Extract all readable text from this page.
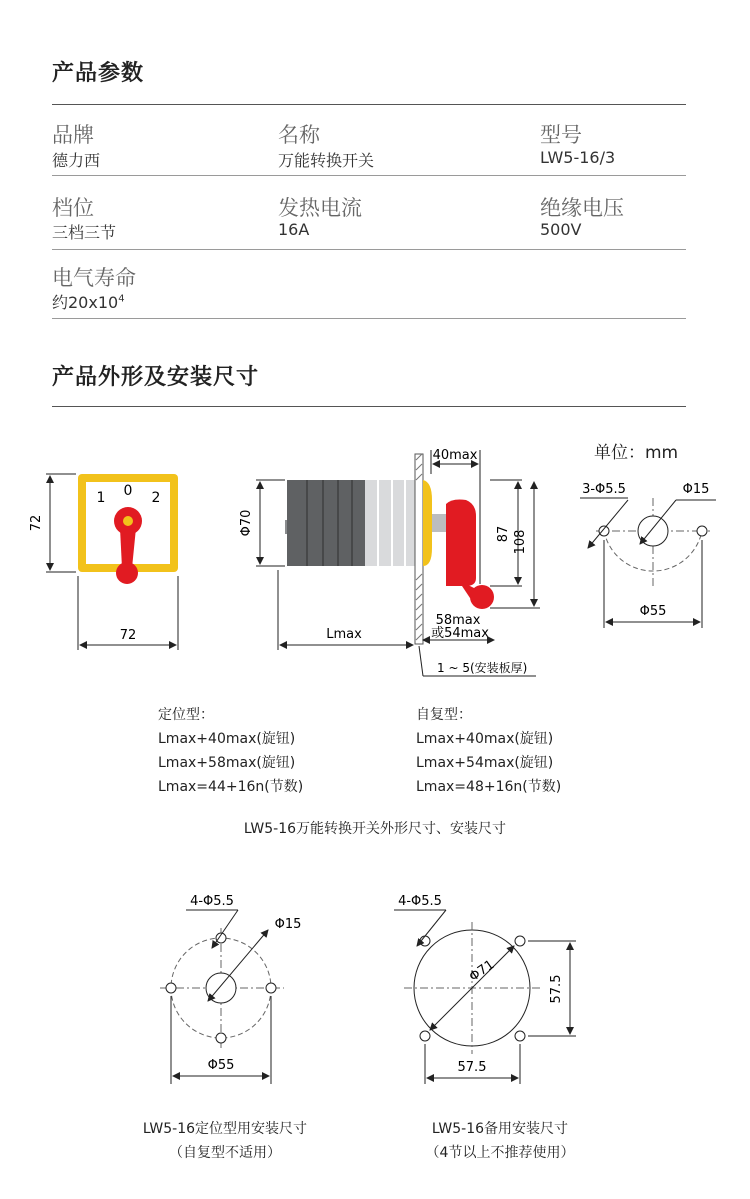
产品参数
品牌
德力西
名称
万能转换开关
型号
LW5-16/3
档位
三档三节
发热电流
16A
绝缘电压
500V
电气寿命
约$20x10^4$
产品外形及安装尺寸
单位：mm
1 0 2
72
72
Φ70
40max
87 108
58max
或54max
Lmax
1 ~ 5(安装板厚)
3-Φ5.5	Φ15
Φ55
4-Φ5.5
Φ15
Φ55
4-Φ5.5
Φ71
57.5
57.5
定位型：
Lmax+40max(旋钮)
Lmax+58max(旋钮)
Lmax=44+16n(节数)
自复型：
Lmax+40max(旋钮)
Lmax+54max(旋钮)
Lmax=48+16n(节数)
LW5-16万能转换开关外形尺寸、安装尺寸
LW5-16定位型用安装尺寸
（自复型不适用）
LW5-16备用安装尺寸
（4节以上不推荐使用）
